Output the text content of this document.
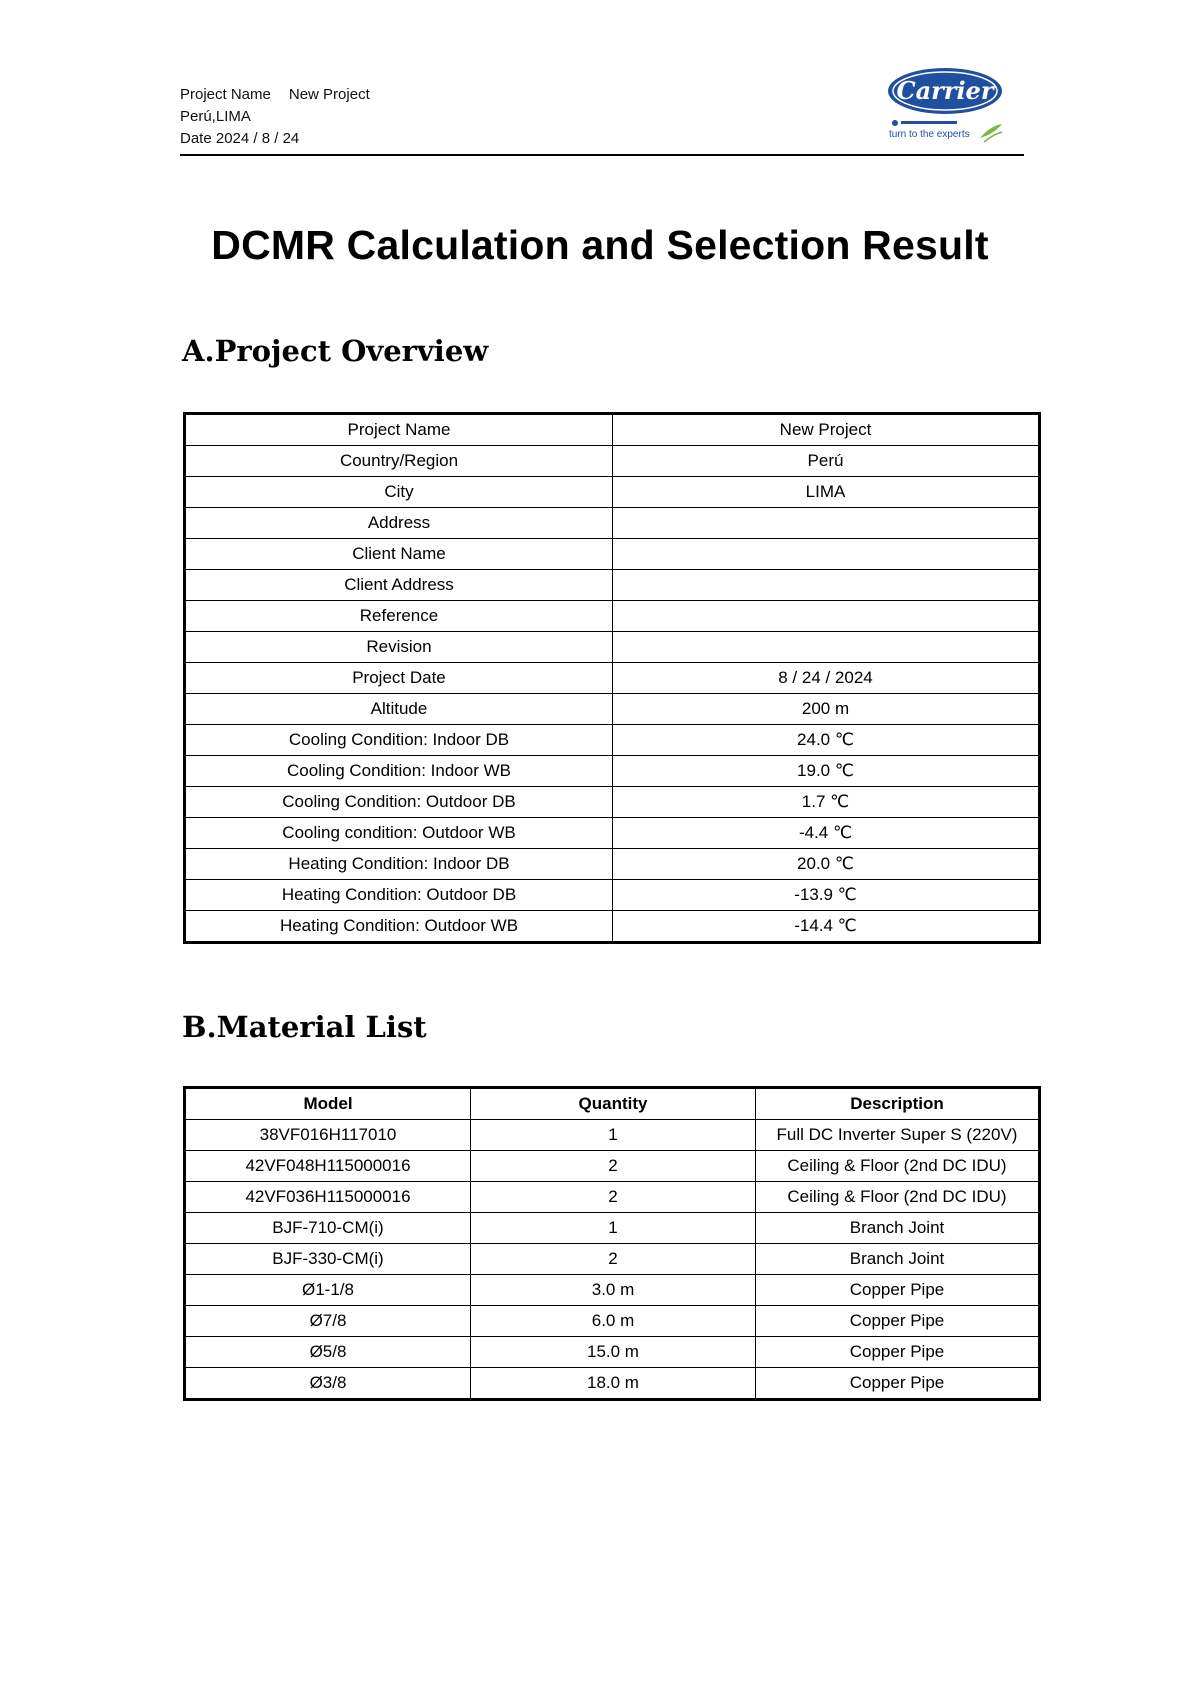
Project Name New Project
Perú,LIMA
Date 2024 / 8 / 24
Carrier
turn to the experts
DCMR Calculation and Selection Result
A.Project Overview
Project Name	New Project
Country/Region	Perú
City	LIMA
Address	
Client Name	
Client Address	
Reference	
Revision	
Project Date	8 / 24 / 2024
Altitude	200 m
Cooling Condition: Indoor DB	24.0 ℃
Cooling Condition: Indoor WB	19.0 ℃
Cooling Condition: Outdoor DB	1.7 ℃
Cooling condition: Outdoor WB	-4.4 ℃
Heating Condition: Indoor DB	20.0 ℃
Heating Condition: Outdoor DB	-13.9 ℃
Heating Condition: Outdoor WB	-14.4 ℃
B.Material List
Model	Quantity	Description
38VF016H117010	1	Full DC Inverter Super S (220V)
42VF048H115000016	2	Ceiling & Floor (2nd DC IDU)
42VF036H115000016	2	Ceiling & Floor (2nd DC IDU)
BJF-710-CM(i)	1	Branch Joint
BJF-330-CM(i)	2	Branch Joint
Ø1-1/8	3.0 m	Copper Pipe
Ø7/8	6.0 m	Copper Pipe
Ø5/8	15.0 m	Copper Pipe
Ø3/8	18.0 m	Copper Pipe
